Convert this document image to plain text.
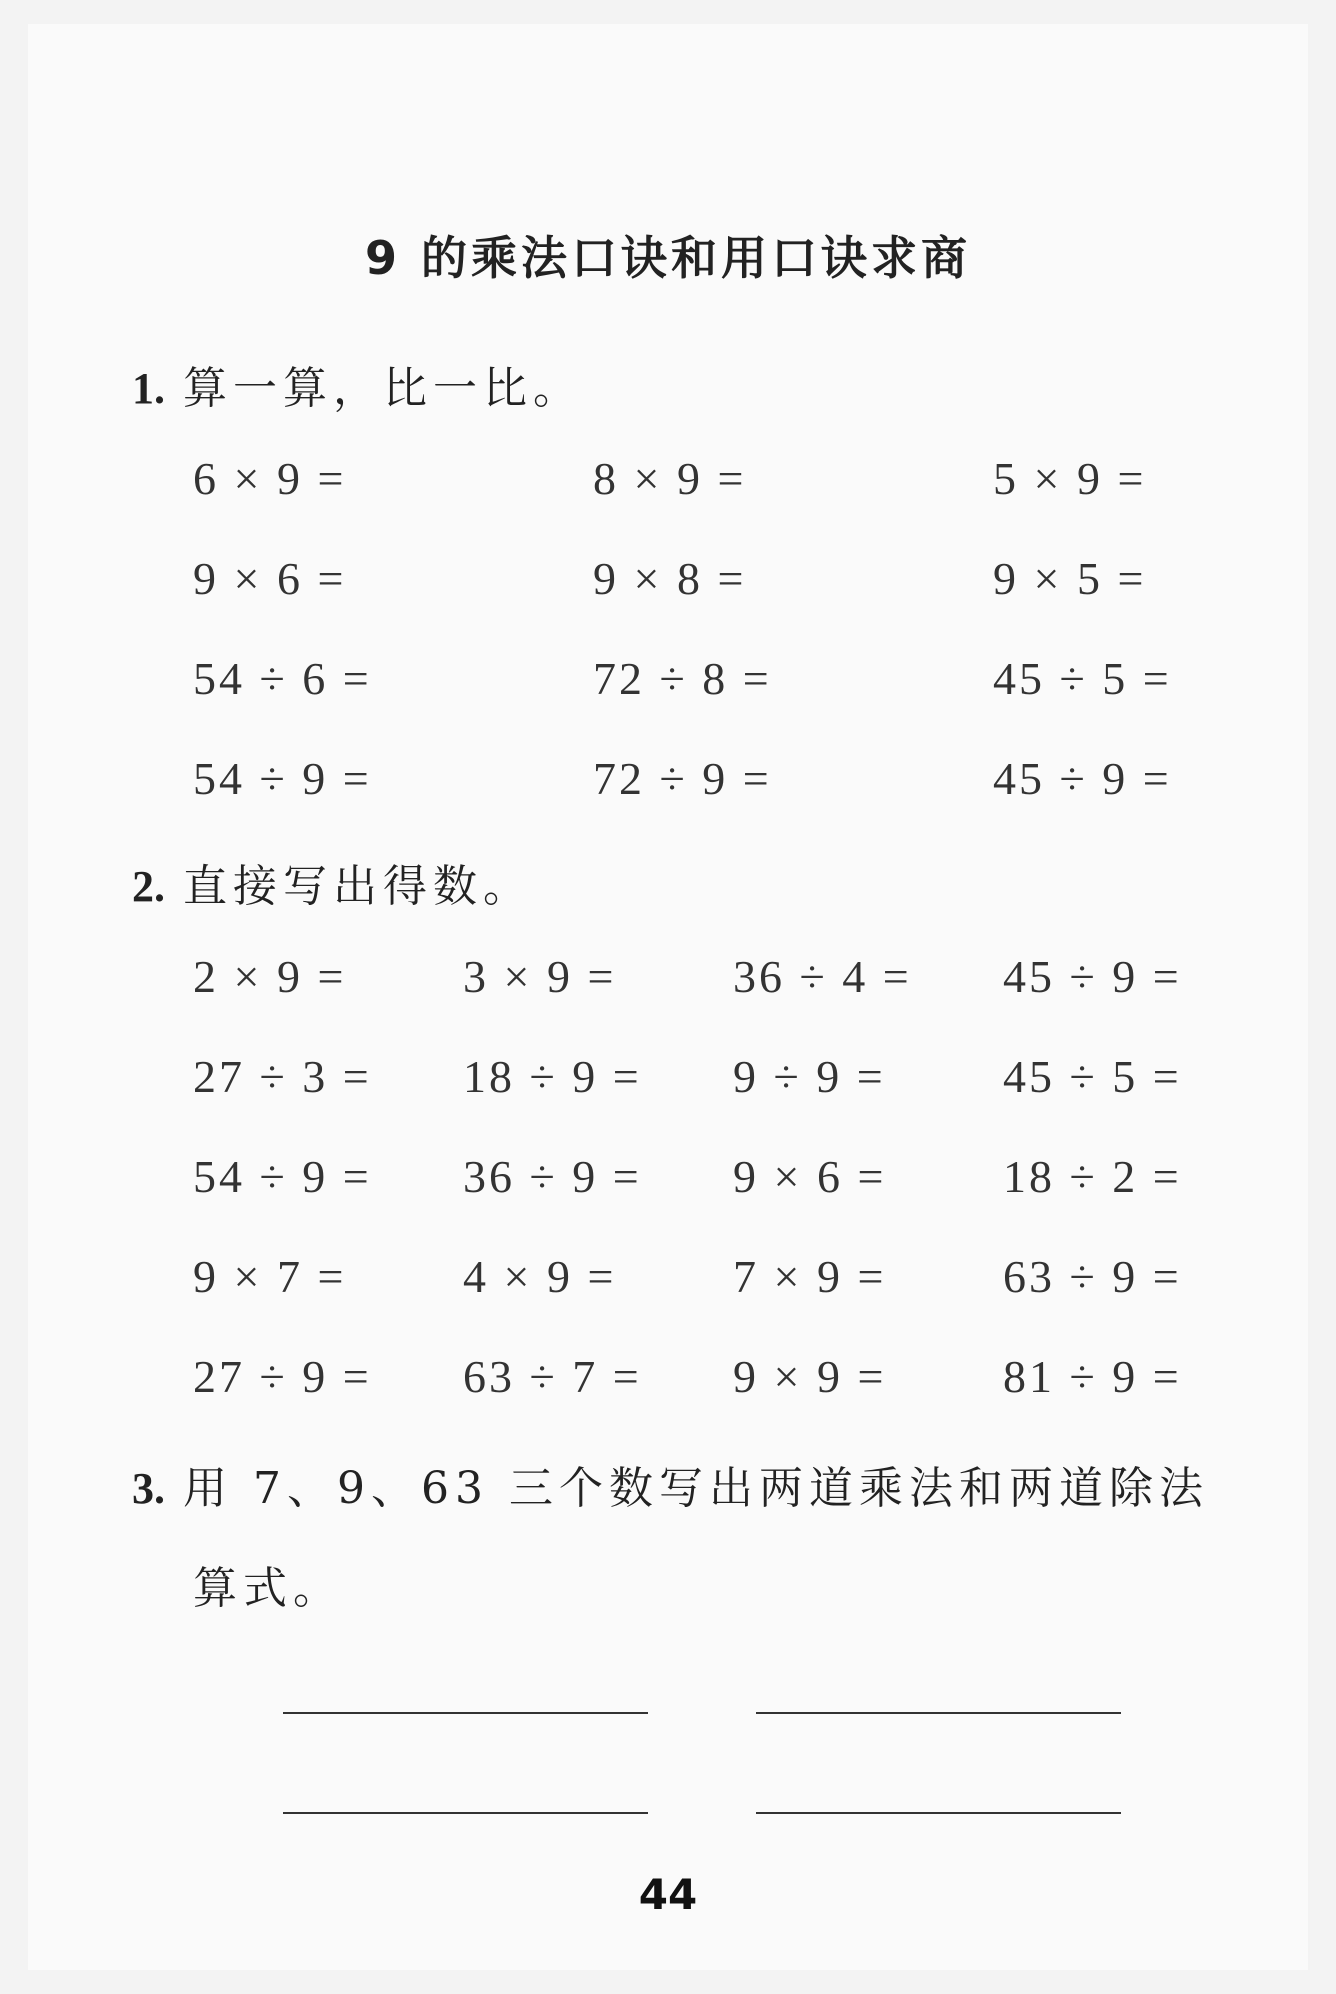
9 的乘法口诀和用口诀求商
1. 算一算，比一比。
6 × 9 =	8 × 9 =	5 × 9 =
9 × 6 =	9 × 8 =	9 × 5 =
54 ÷ 6 =	72 ÷ 8 =	45 ÷ 5 =
54 ÷ 9 =	72 ÷ 9 =	45 ÷ 9 =
2. 直接写出得数。
2 × 9 =	3 × 9 =	36 ÷ 4 = 45 ÷ 9 =
27 ÷ 3 = 18 ÷ 9 = 9 ÷ 9 =	45 ÷ 5 =
54 ÷ 9 = 36 ÷ 9 = 9 × 6 =	18 ÷ 2 =
9 × 7 =	4 × 9 =	7 × 9 =	63 ÷ 9 =
27 ÷ 9 = 63 ÷ 7 = 9 × 9 =	81 ÷ 9 =
3. 用 7、9、63 三个数写出两道乘法和两道除法
算式。
44
